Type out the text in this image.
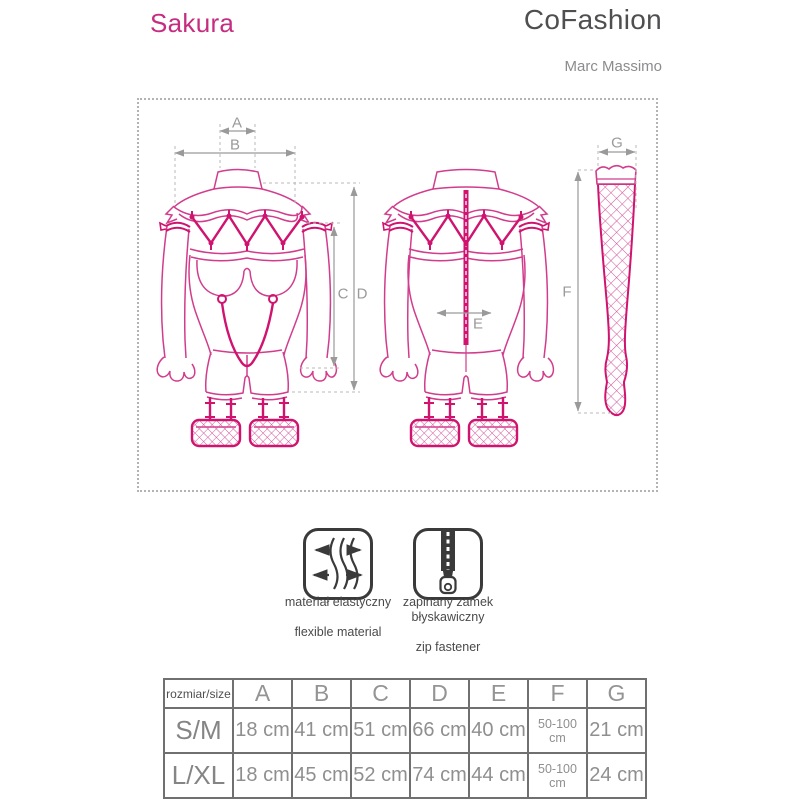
Sakura	CoFashion
Marc Massimo
A
B
C D
E
F
G
materiał elastyczny
flexible material
zapinany zamek błyskawiczny
zip fastener
rozmiar/size	A	B	C	D	E	F	G
S/M	18 cm	41 cm	51 cm	66 cm	40 cm	50-100 cm	21 cm
L/XL	18 cm	45 cm	52 cm	74 cm	44 cm	50-100 cm	24 cm
